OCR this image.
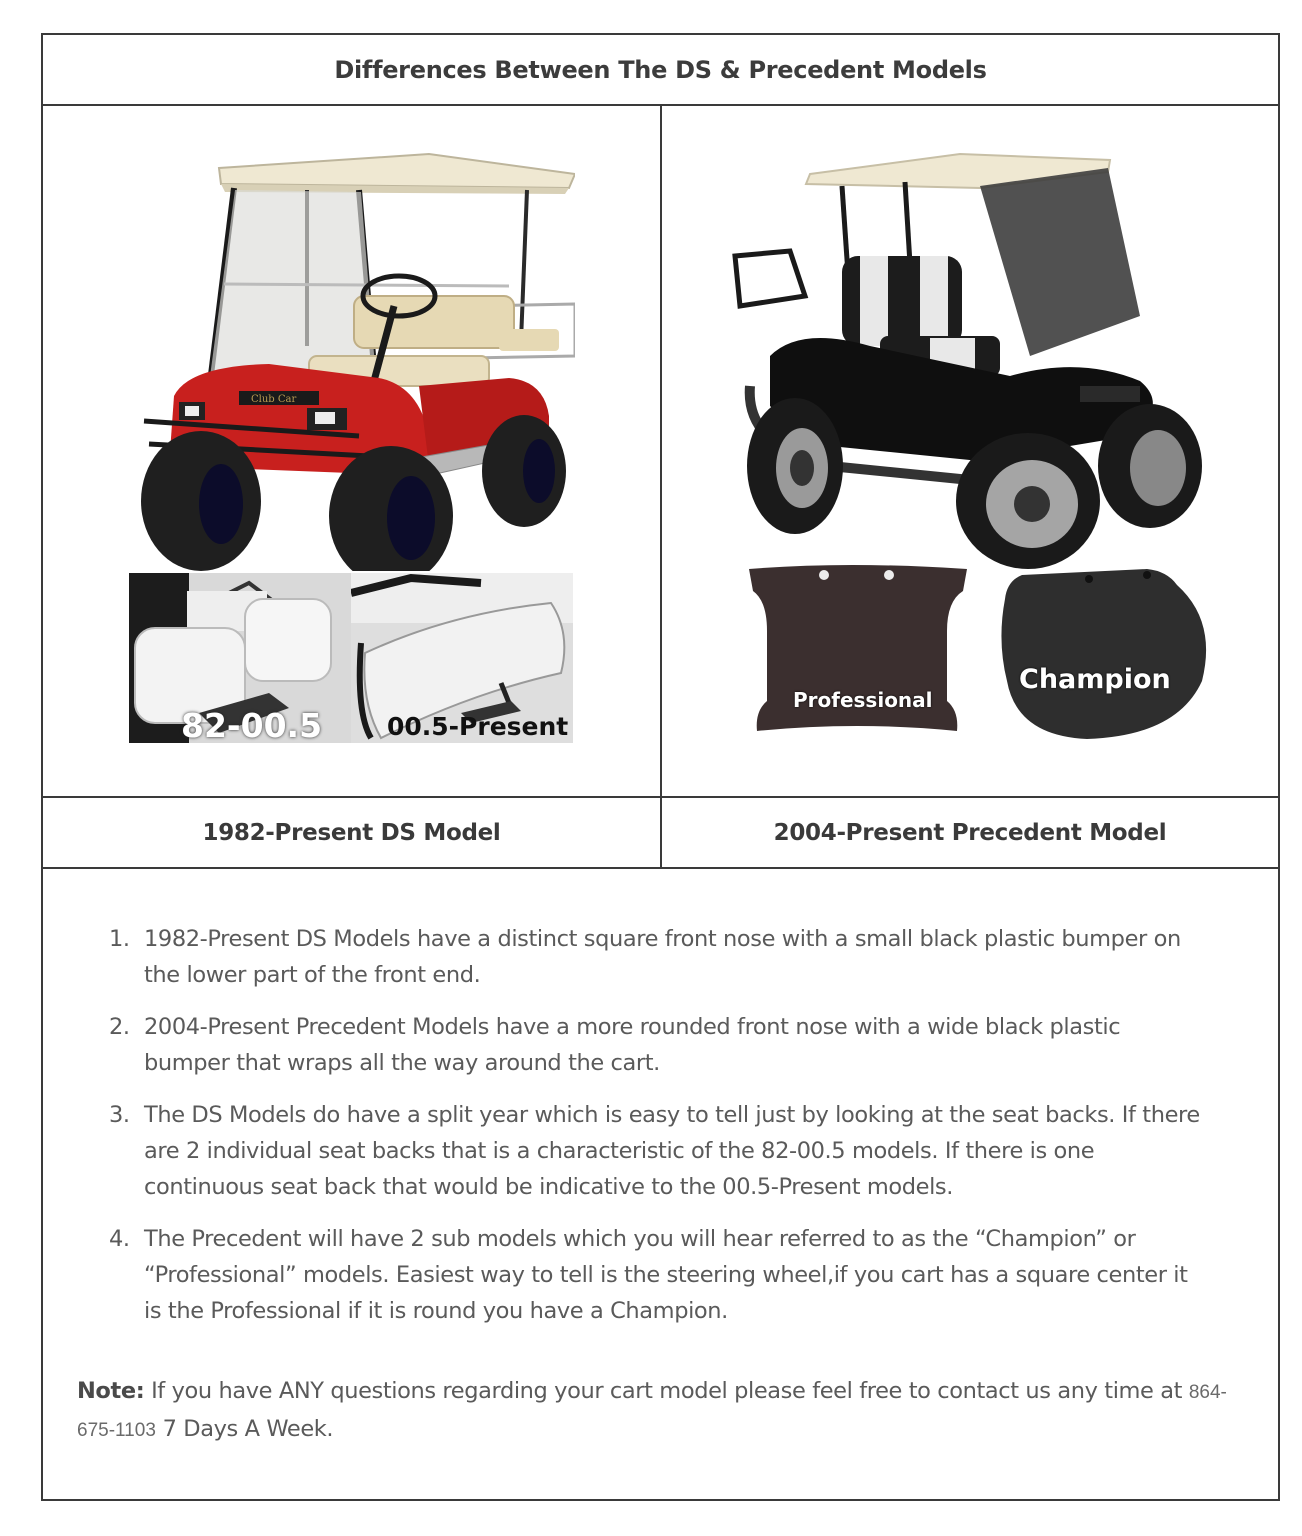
Differences Between The DS & Precedent Models
Club Car
82-00.5	00.5-Present
Professional
Champion
1982-Present DS Model	2004-Present Precedent Model
1. 1982-Present DS Models have a distinct square front nose with a small black plastic bumper on the lower part of the front end.
2. 2004-Present Precedent Models have a more rounded front nose with a wide black plastic bumper that wraps all the way around the cart.
3. The DS Models do have a split year which is easy to tell just by looking at the seat backs. If there are 2 individual seat backs that is a characteristic of the 82-00.5 models. If there is one continuous seat back that would be indicative to the 00.5-Present models.
4. The Precedent will have 2 sub models which you will hear referred to as the “Champion” or “Professional” models. Easiest way to tell is the steering wheel,if you cart has a square center it is the Professional if it is round you have a Champion.

Note: If you have ANY questions regarding your cart model please feel free to contact us any time at 864-675-1103 7 Days A Week.
